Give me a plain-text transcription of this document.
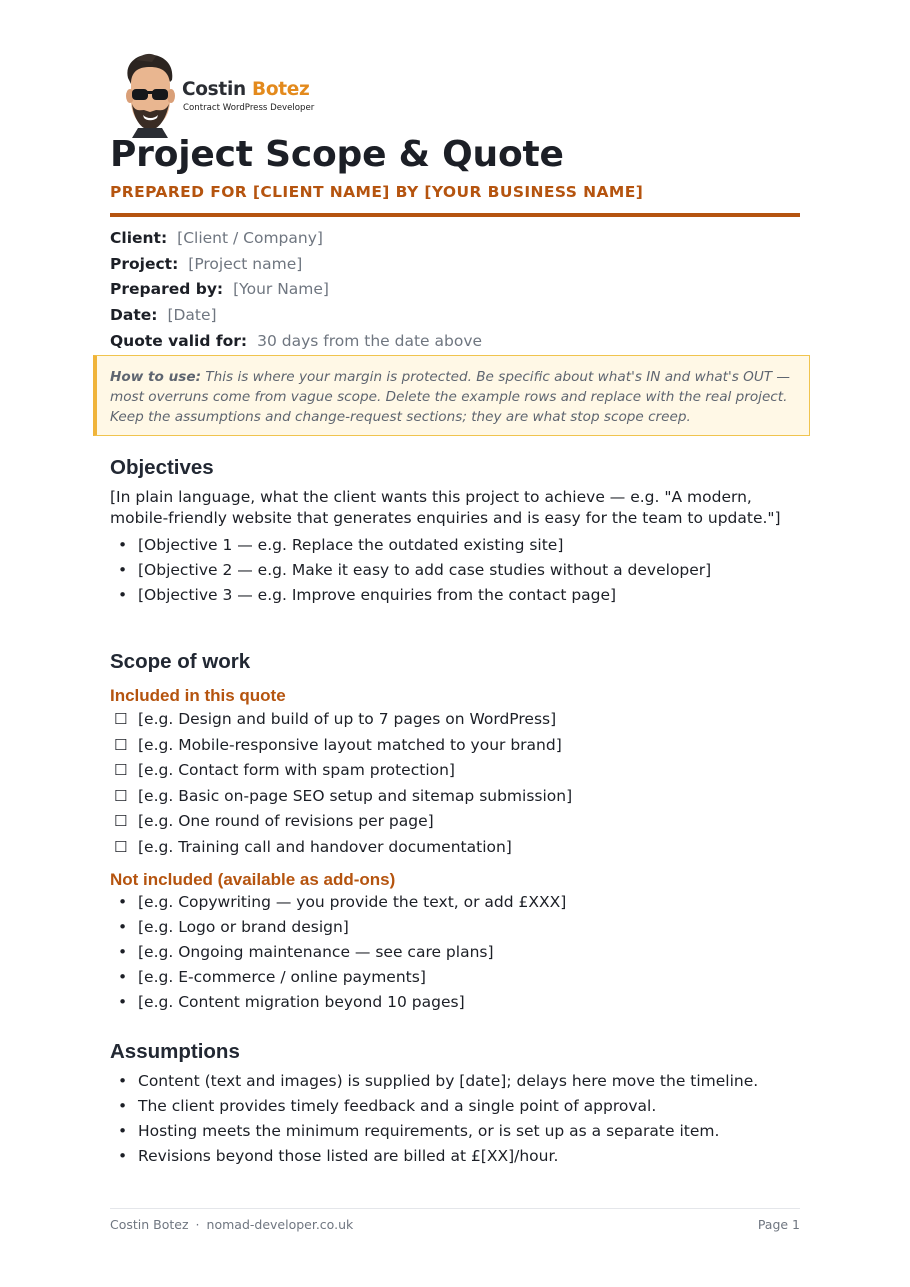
Costin Botez
Contract WordPress Developer
Project Scope & Quote
PREPARED FOR [CLIENT NAME] BY [YOUR BUSINESS NAME]
Client: [Client / Company]
Project: [Project name]
Prepared by: [Your Name]
Date: [Date]
Quote valid for: 30 days from the date above
How to use: This is where your margin is protected. Be specific about what's IN and what's OUT — most overruns come from vague scope. Delete the example rows and replace with the real project. Keep the assumptions and change-request sections; they are what stop scope creep.
Objectives

[In plain language, what the client wants this project to achieve — e.g. "A modern, mobile-friendly website that generates enquiries and is easy for the team to update."]

• [Objective 1 — e.g. Replace the outdated existing site]
• [Objective 2 — e.g. Make it easy to add case studies without a developer]
• [Objective 3 — e.g. Improve enquiries from the contact page]
Scope of work
Included in this quote
☐ [e.g. Design and build of up to 7 pages on WordPress]
☐ [e.g. Mobile-responsive layout matched to your brand]
☐ [e.g. Contact form with spam protection]
☐ [e.g. Basic on-page SEO setup and sitemap submission]
☐ [e.g. One round of revisions per page]
☐ [e.g. Training call and handover documentation]
Not included (available as add-ons)
• [e.g. Copywriting — you provide the text, or add £XXX]
• [e.g. Logo or brand design]
• [e.g. Ongoing maintenance — see care plans]
• [e.g. E-commerce / online payments]
• [e.g. Content migration beyond 10 pages]
Assumptions
• Content (text and images) is supplied by [date]; delays here move the timeline.
• The client provides timely feedback and a single point of approval.
• Hosting meets the minimum requirements, or is set up as a separate item.
• Revisions beyond those listed are billed at £[XX]/hour.
Costin Botez · nomad-developer.co.uk	Page 1
